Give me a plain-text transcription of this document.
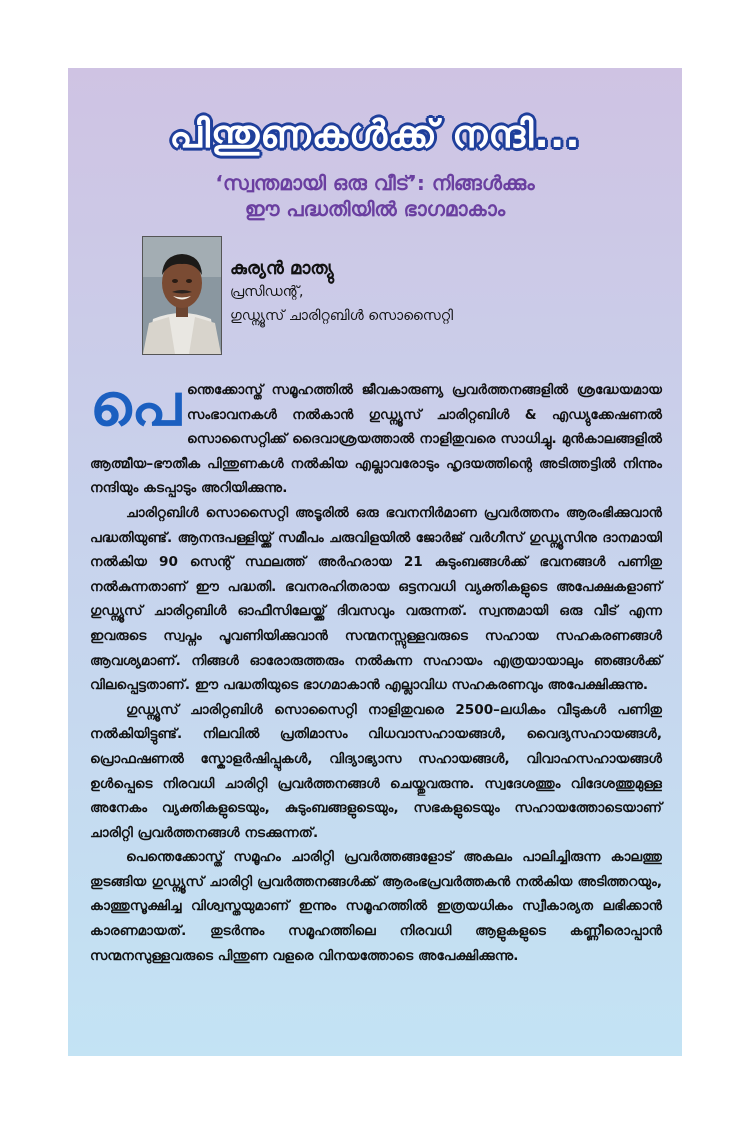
പിന്തുണകൾക്ക് നന്ദി...
‘സ്വന്തമായി ഒരു വീട്’: നിങ്ങൾക്കും
ഈ പദ്ധതിയിൽ ഭാഗമാകാം
കുര്യൻ മാത്യു
പ്രസിഡന്റ്,
ഗുഡ്ന്യൂസ് ചാരിറ്റബിൾ സൊസൈറ്റി

പെന്തെക്കോസ്ത് സമൂഹത്തിൽ ജീവകാരുണ്യ പ്രവർത്തനങ്ങളിൽ ശ്രദ്ധേയമായ സംഭാവനകൾ നൽകാൻ ഗുഡ്ന്യൂസ് ചാരിറ്റബിൾ & എഡ്യുക്കേഷണൽ സൊസൈറ്റിക്ക് ദൈവാശ്രയത്താൽ നാളിതുവരെ സാധിച്ചു. മുൻകാലങ്ങളിൽ ആത്മീയ–ഭൗതീക പിന്തുണകൾ നൽകിയ എല്ലാവരോടും ഹൃദയത്തിന്റെ അടിത്തട്ടിൽ നിന്നും നന്ദിയും കടപ്പാടും അറിയിക്കുന്നു.

ചാരിറ്റബിൾ സൊസൈറ്റി അടൂരിൽ ഒരു ഭവനനിർമാണ പ്രവർത്തനം ആരംഭിക്കുവാൻ പദ്ധതിയുണ്ട്. ആനന്ദപള്ളിയ്ക്ക് സമീപം ചരുവിളയിൽ ജോർജ് വർഗീസ് ഗുഡ്ന്യൂസിനു ദാനമായി നൽകിയ 90 സെന്റ് സ്ഥലത്ത് അർഹരായ 21 കുടുംബങ്ങൾക്ക് ഭവനങ്ങൾ പണിതു നൽകുന്നതാണ് ഈ പദ്ധതി. ഭവനരഹിതരായ ഒട്ടനവധി വ്യക്തികളുടെ അപേക്ഷകളാണ് ഗുഡ്ന്യൂസ് ചാരിറ്റബിൾ ഓഫീസിലേയ്ക്ക് ദിവസവും വരുന്നത്. സ്വന്തമായി ഒരു വീട് എന്ന ഇവരുടെ സ്വപ്നം പൂവണിയിക്കുവാൻ സന്മനസ്സുള്ളവരുടെ സഹായ സഹകരണങ്ങൾ ആവശ്യമാണ്. നിങ്ങൾ ഓരോരുത്തരും നൽകുന്ന സഹായം എത്രയായാലും ഞങ്ങൾക്ക് വിലപ്പെട്ടതാണ്. ഈ പദ്ധതിയുടെ ഭാഗമാകാൻ എല്ലാവിധ സഹകരണവും അപേക്ഷിക്കുന്നു.

ഗുഡ്ന്യൂസ് ചാരിറ്റബിൾ സൊസൈറ്റി നാളിതുവരെ 2500–ലധികം വീടുകൾ പണിതു നൽകിയിട്ടുണ്ട്. നിലവിൽ പ്രതിമാസം വിധവാസഹായങ്ങൾ, വൈദ്യസഹായങ്ങൾ, പ്രൊഫഷണൽ സ്കോളർഷിപ്പുകൾ, വിദ്യാഭ്യാസ സഹായങ്ങൾ, വിവാഹസഹായങ്ങൾ ഉൾപ്പെടെ നിരവധി ചാരിറ്റി പ്രവർത്തനങ്ങൾ ചെയ്തുവരുന്നു. സ്വദേശത്തും വിദേശത്തുമുള്ള അനേകം വ്യക്തികളുടെയും, കുടുംബങ്ങളുടെയും, സഭകളുടെയും സഹായത്തോടെയാണ് ചാരിറ്റി പ്രവർത്തനങ്ങൾ നടക്കുന്നത്.

പെന്തെക്കോസ്ത് സമൂഹം ചാരിറ്റി പ്രവർത്തങ്ങളോട് അകലം പാലിച്ചിരുന്ന കാലത്തു തുടങ്ങിയ ഗുഡ്ന്യൂസ് ചാരിറ്റി പ്രവർത്തനങ്ങൾക്ക് ആരംഭപ്രവർത്തകൻ നൽകിയ അടിത്തറയും, കാത്തുസൂക്ഷിച്ച വിശ്വസ്തയുമാണ് ഇന്നും സമൂഹത്തിൽ ഇത്രയധികം സ്വീകാര്യത ലഭിക്കാൻ കാരണമായത്. തുടർന്നും സമൂഹത്തിലെ നിരവധി ആളുകളുടെ കണ്ണീരൊപ്പാൻ സന്മനസുള്ളവരുടെ പിന്തുണ വളരെ വിനയത്തോടെ അപേക്ഷിക്കുന്നു.
